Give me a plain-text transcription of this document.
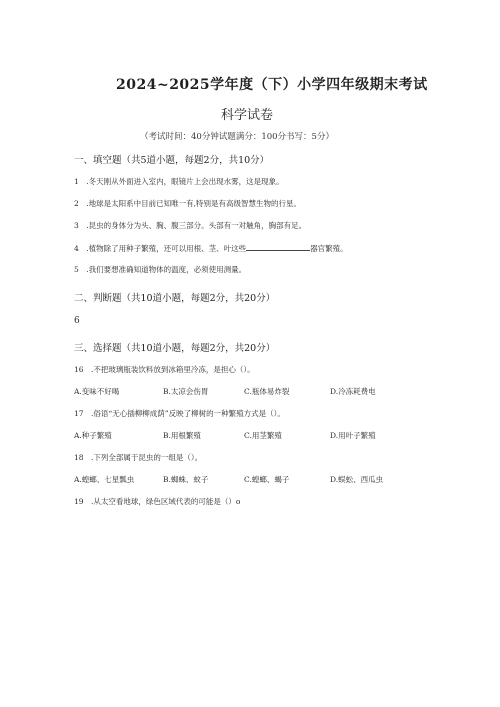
2024~2025学年度（下）小学四年级期末考试
科学试卷
（考试时间：40分钟试题满分：100分书写：5分）
一、填空题（共5道小题，每题2分，共10分）
1　.冬天刚从外面进入室内，眼镜片上会出现水雾，这是现象。
2　.地球是太阳系中目前已知唯一有,特别是有高级智慧生物的行星。
3　.昆虫的身体分为头、胸、腹三部分。头部有一对触角，胸部有足。
4　.植物除了用种子繁殖，还可以用根、茎、叶这些	器官繁殖。
5　.我们要想准确知道物体的温度，必须使用测量。
二、判断题（共10道小题，每题2分，共20分）
6
三、选择题（共10道小题，每题2分，共20分）
16　.不把玻璃瓶装饮料放到冰箱里冷冻，是担心（）。
A.变味不好喝	B.太凉会伤胃	C.瓶体易炸裂	D.冷冻耗费电
17　.俗语“无心插柳柳成荫”反映了柳树的一种繁殖方式是（）。
A.种子繁殖	B.用根繁殖	C.用茎繁殖	D.用叶子繁殖
18　.下列全部属于昆虫的一组是（）。
A.蝗螂、七星瓢虫	B.蜘蛛、蚊子	C.蝗螂、蝎子	D.蜈蚣、西瓜虫
19　.从太空看地球，绿色区域代表的可能是（）o
